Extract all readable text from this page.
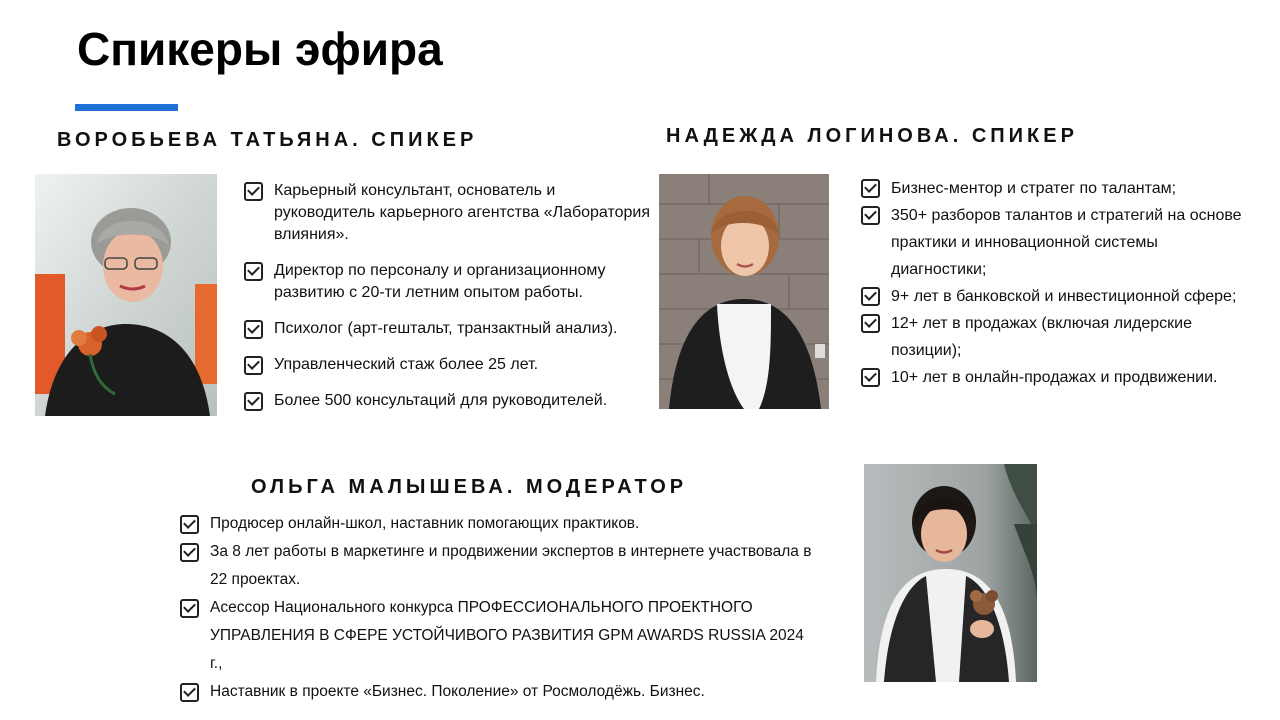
Спикеры эфира
ВОРОБЬЕВА ТАТЬЯНА. СПИКЕР
Карьерный консультант, основатель и руководитель карьерного агентства «Лаборатория влияния».
Директор по персоналу и организационному развитию с 20-ти летним опытом работы.
Психолог (арт-гештальт, транзактный анализ).
Управленческий стаж более 25 лет.
Более 500 консультаций для руководителей.
НАДЕЖДА ЛОГИНОВА. СПИКЕР
Бизнес-ментор и стратег по талантам;
350+ разборов талантов и стратегий на основе практики и инновационной системы диагностики;
9+ лет в банковской и инвестиционной сфере;
12+ лет в продажах (включая лидерские позиции);
10+ лет в онлайн-продажах и продвижении.
ОЛЬГА МАЛЫШЕВА. МОДЕРАТОР
Продюсер онлайн-школ, наставник помогающих практиков.
За 8 лет работы в маркетинге и продвижении экспертов в интернете участвовала в 22 проектах.
Асессор Национального конкурса ПРОФЕССИОНАЛЬНОГО ПРОЕКТНОГО УПРАВЛЕНИЯ В СФЕРЕ УСТОЙЧИВОГО РАЗВИТИЯ GPM AWARDS RUSSIA 2024 г.,
Наставник в проекте «Бизнес. Поколение» от Росмолодёжь. Бизнес.
